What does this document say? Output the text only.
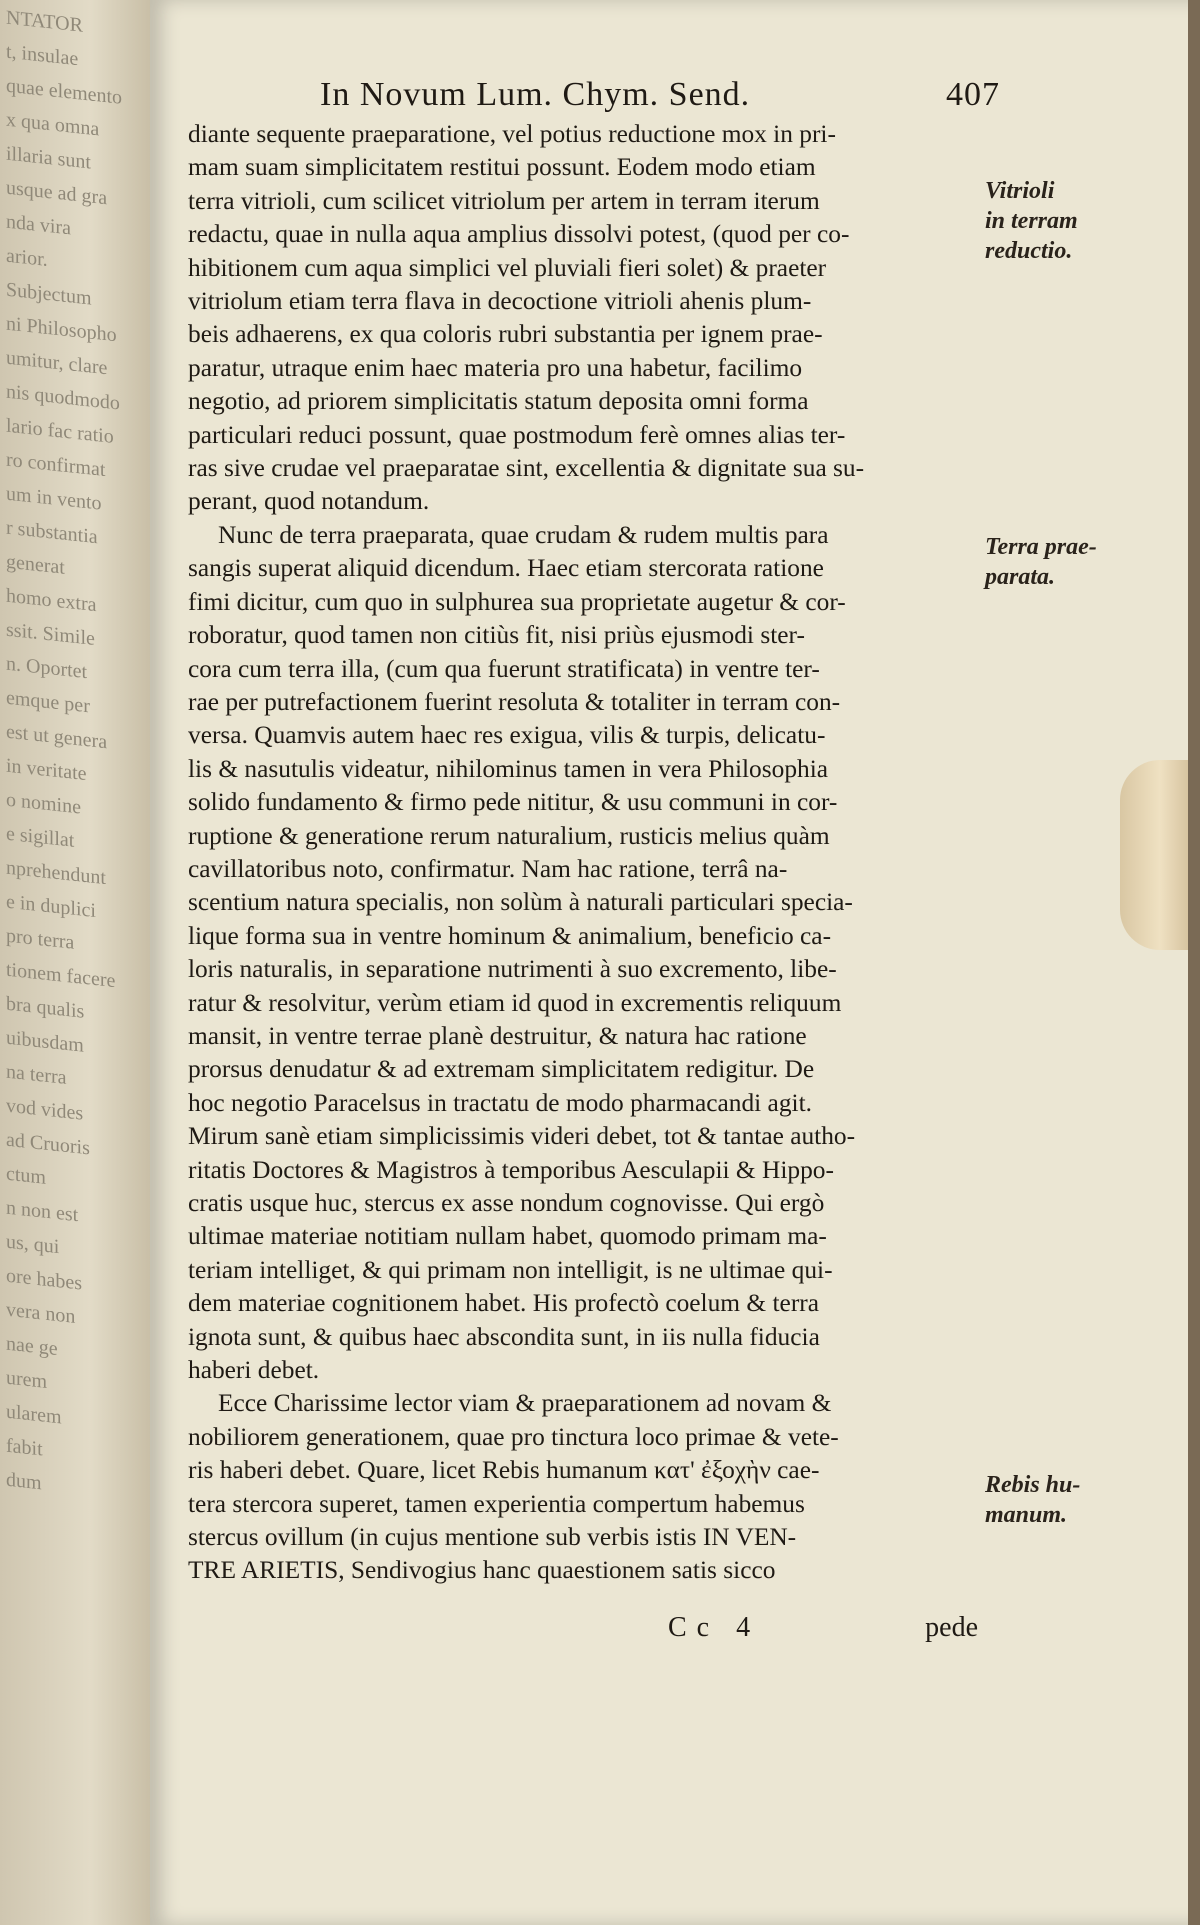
NTATOR
t, insulae
quae elemento
x qua omna
illaria sunt
usque ad gra
nda vira
arior.
Subjectum
ni Philosopho
umitur, clare
nis quodmodo
lario fac ratio
ro confirmat
um in vento
r substantia
generat
homo extra
ssit. Simile
n. Oportet
emque per
est ut genera
in veritate
o nomine
e sigillat
nprehendunt
e in duplici
pro terra
tionem facere
bra qualis
uibusdam
na terra
vod vides
ad Cruoris
ctum
n non est
us, qui
ore habes
vera non
nae ge
urem
ularem
fabit
dum
In Novum Lum. Chym. Send.	407
diante sequente praeparatione, vel potius reductione mox in pri-
mam suam simplicitatem restitui possunt. Eodem modo etiam
terra vitrioli, cum scilicet vitriolum per artem in terram iterum
redactu, quae in nulla aqua amplius dissolvi potest, (quod per co-
hibitionem cum aqua simplici vel pluviali fieri solet) & praeter
vitriolum etiam terra flava in decoctione vitrioli ahenis plum-
beis adhaerens, ex qua coloris rubri substantia per ignem prae-
paratur, utraque enim haec materia pro una habetur, facilimo
negotio, ad priorem simplicitatis statum deposita omni forma
particulari reduci possunt, quae postmodum ferè omnes alias ter-
ras sive crudae vel praeparatae sint, excellentia & dignitate sua su-
perant, quod notandum.
Nunc de terra praeparata, quae crudam & rudem multis para
sangis superat aliquid dicendum. Haec etiam stercorata ratione
fimi dicitur, cum quo in sulphurea sua proprietate augetur & cor-
roboratur, quod tamen non citiùs fit, nisi priùs ejusmodi ster-
cora cum terra illa, (cum qua fuerunt stratificata) in ventre ter-
rae per putrefactionem fuerint resoluta & totaliter in terram con-
versa. Quamvis autem haec res exigua, vilis & turpis, delicatu-
lis & nasutulis videatur, nihilominus tamen in vera Philosophia
solido fundamento & firmo pede nititur, & usu communi in cor-
ruptione & generatione rerum naturalium, rusticis melius quàm
cavillatoribus noto, confirmatur. Nam hac ratione, terrâ na-
scentium natura specialis, non solùm à naturali particulari specia-
lique forma sua in ventre hominum & animalium, beneficio ca-
loris naturalis, in separatione nutrimenti à suo excremento, libe-
ratur & resolvitur, verùm etiam id quod in excrementis reliquum
mansit, in ventre terrae planè destruitur, & natura hac ratione
prorsus denudatur & ad extremam simplicitatem redigitur. De
hoc negotio Paracelsus in tractatu de modo pharmacandi agit.
Mirum sanè etiam simplicissimis videri debet, tot & tantae autho-
ritatis Doctores & Magistros à temporibus Aesculapii & Hippo-
cratis usque huc, stercus ex asse nondum cognovisse. Qui ergò
ultimae materiae notitiam nullam habet, quomodo primam ma-
teriam intelliget, & qui primam non intelligit, is ne ultimae qui-
dem materiae cognitionem habet. His profectò coelum & terra
ignota sunt, & quibus haec abscondita sunt, in iis nulla fiducia
haberi debet.
Ecce Charissime lector viam & praeparationem ad novam &
nobiliorem generationem, quae pro tinctura loco primae & vete-
ris haberi debet. Quare, licet Rebis humanum κατ' ἐξοχὴν cae-
tera stercora superet, tamen experientia compertum habemus
stercus ovillum (in cujus mentione sub verbis istis IN VEN-
TRE ARIETIS, Sendivogius hanc quaestionem satis sicco
Vitrioli
in terram
reductio.
Terra prae-
parata.
Rebis hu-
manum.
Cc 4	pede
